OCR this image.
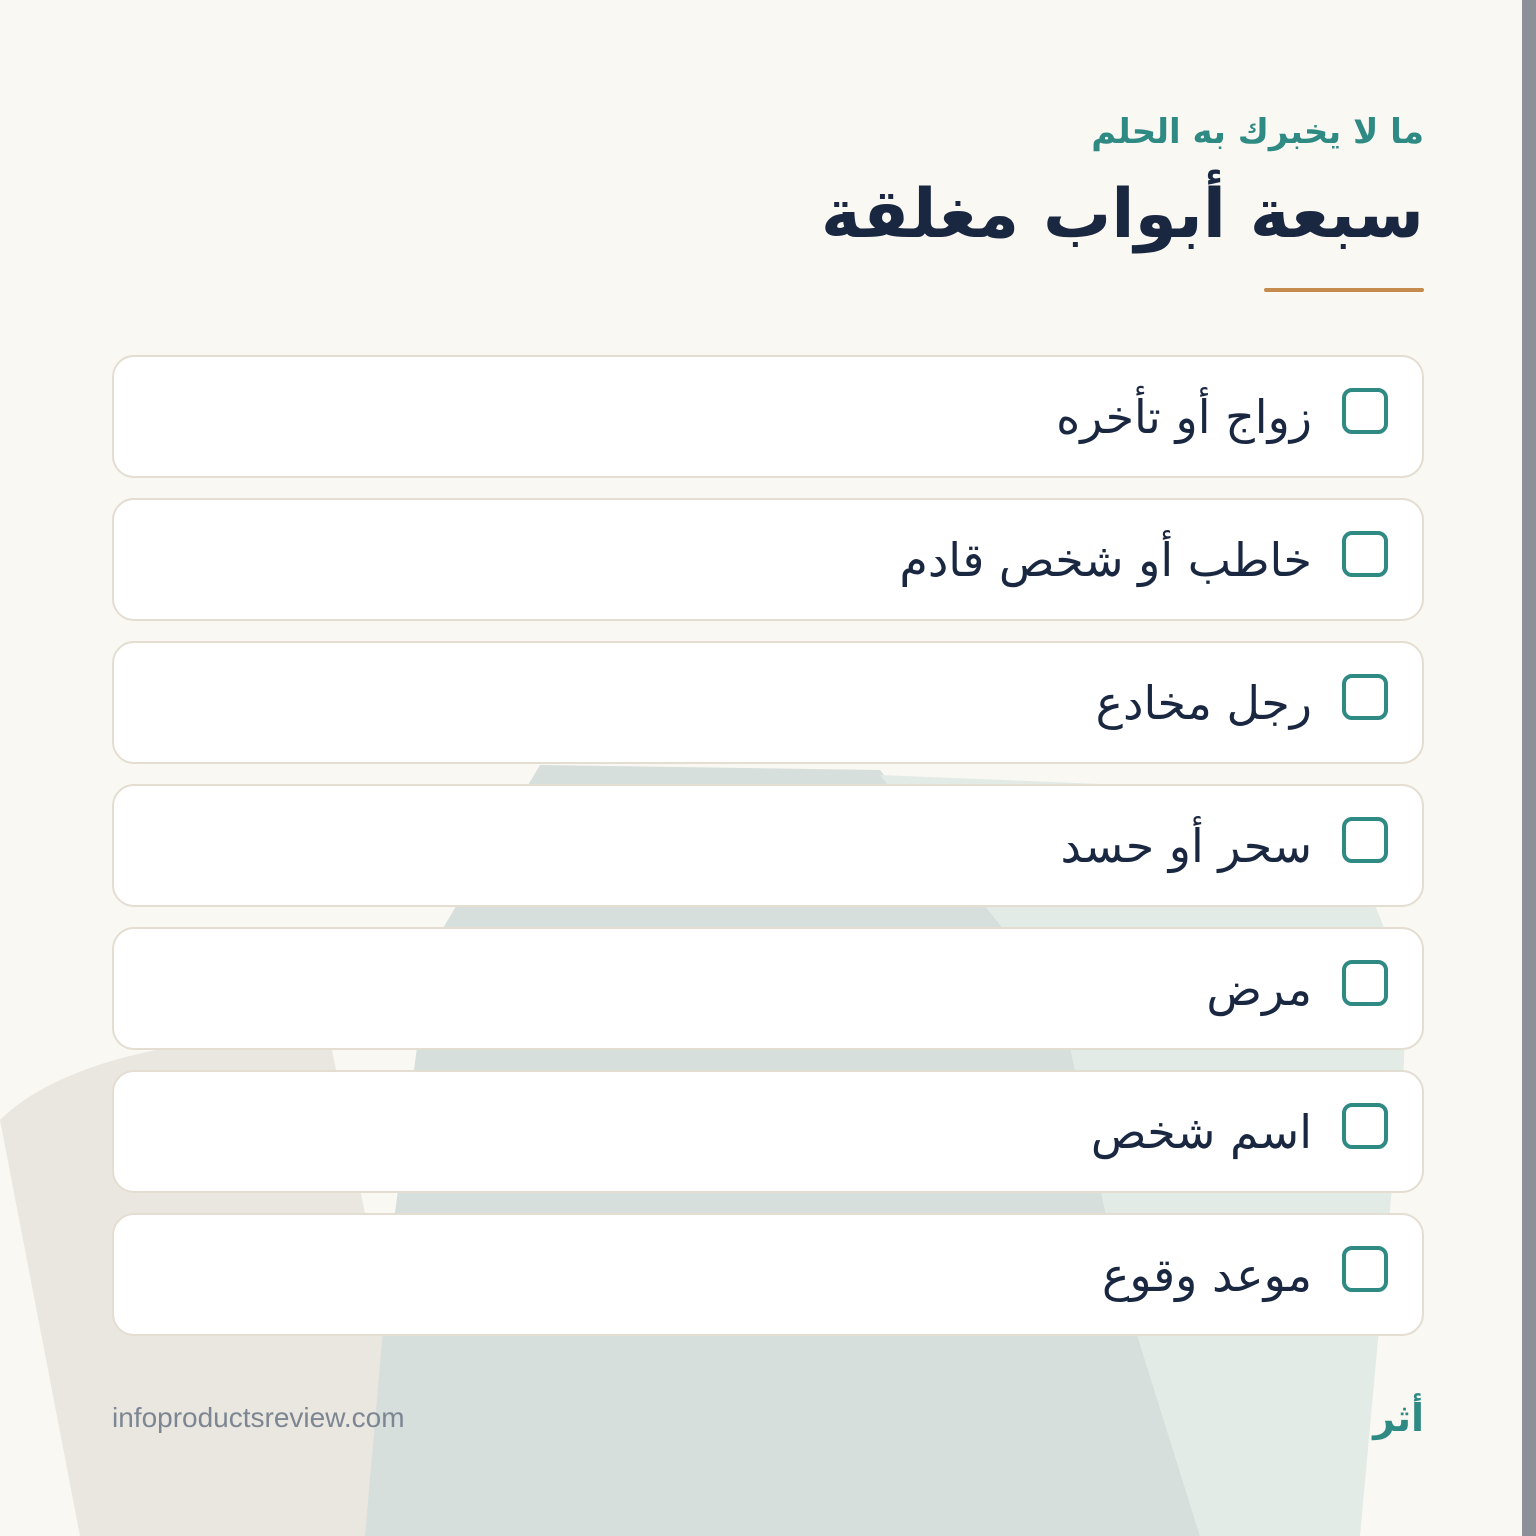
ما لا يخبرك به الحلم
سبعة أبواب مغلقة
زواج أو تأخره
خاطب أو شخص قادم
رجل مخادع
سحر أو حسد
مرض
اسم شخص
موعد وقوع
infoproductsreview.com	أثر
